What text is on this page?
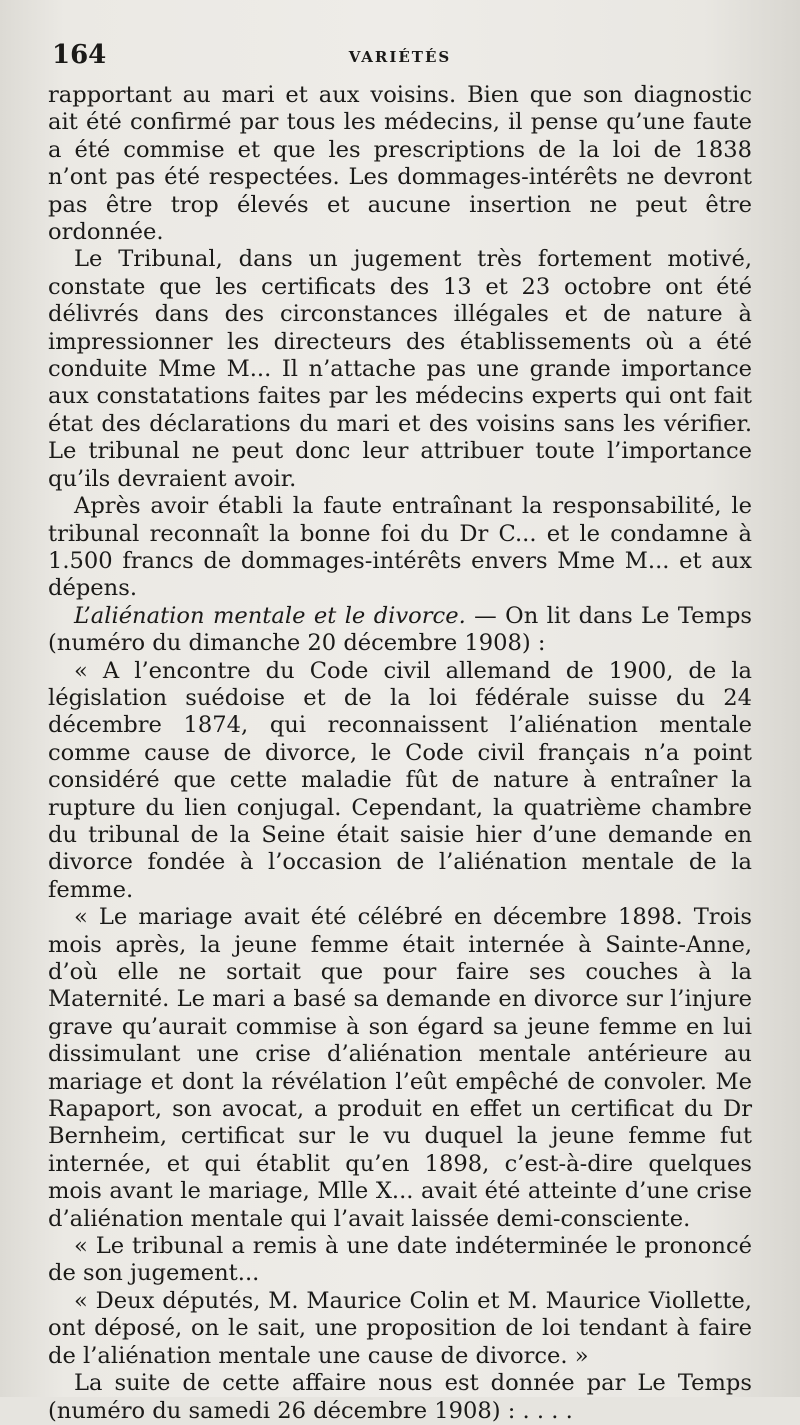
164	VARIÉTÉS

rapportant au mari et aux voisins. Bien que son diagnostic ait été confirmé par tous les médecins, il pense qu’une faute a été commise et que les prescriptions de la loi de 1838 n’ont pas été respectées. Les dommages-intérêts ne devront pas être trop élevés et aucune insertion ne peut être ordonnée.

Le Tribunal, dans un jugement très fortement motivé, constate que les certificats des 13 et 23 octobre ont été délivrés dans des circonstances illégales et de nature à impressionner les directeurs des établissements où a été conduite Mme M... Il n’attache pas une grande importance aux constatations faites par les médecins experts qui ont fait état des déclarations du mari et des voisins sans les vérifier. Le tribunal ne peut donc leur attribuer toute l’importance qu’ils devraient avoir.

Après avoir établi la faute entraînant la responsabilité, le tribunal reconnaît la bonne foi du Dr C... et le condamne à 1.500 francs de dommages-intérêts envers Mme M... et aux dépens.

L’aliénation mentale et le divorce. — On lit dans Le Temps (numéro du dimanche 20 décembre 1908) :

« A l’encontre du Code civil allemand de 1900, de la législation suédoise et de la loi fédérale suisse du 24 décembre 1874, qui reconnaissent l’aliénation mentale comme cause de divorce, le Code civil français n’a point considéré que cette maladie fût de nature à entraîner la rupture du lien conjugal. Cependant, la quatrième chambre du tribunal de la Seine était saisie hier d’une demande en divorce fondée à l’occasion de l’aliénation mentale de la femme.

« Le mariage avait été célébré en décembre 1898. Trois mois après, la jeune femme était internée à Sainte-Anne, d’où elle ne sortait que pour faire ses couches à la Maternité. Le mari a basé sa demande en divorce sur l’injure grave qu’aurait commise à son égard sa jeune femme en lui dissimulant une crise d’aliénation mentale antérieure au mariage et dont la révélation l’eût empêché de convoler. Me Rapaport, son avocat, a produit en effet un certificat du Dr Bernheim, certificat sur le vu duquel la jeune femme fut internée, et qui établit qu’en 1898, c’est-à-dire quelques mois avant le mariage, Mlle X... avait été atteinte d’une crise d’aliénation mentale qui l’avait laissée demi-consciente.

« Le tribunal a remis à une date indéterminée le prononcé de son jugement...

« Deux députés, M. Maurice Colin et M. Maurice Viollette, ont déposé, on le sait, une proposition de loi tendant à faire de l’aliénation mentale une cause de divorce. »

La suite de cette affaire nous est donnée par Le Temps (numéro du samedi 26 décembre 1908) : . . . .
